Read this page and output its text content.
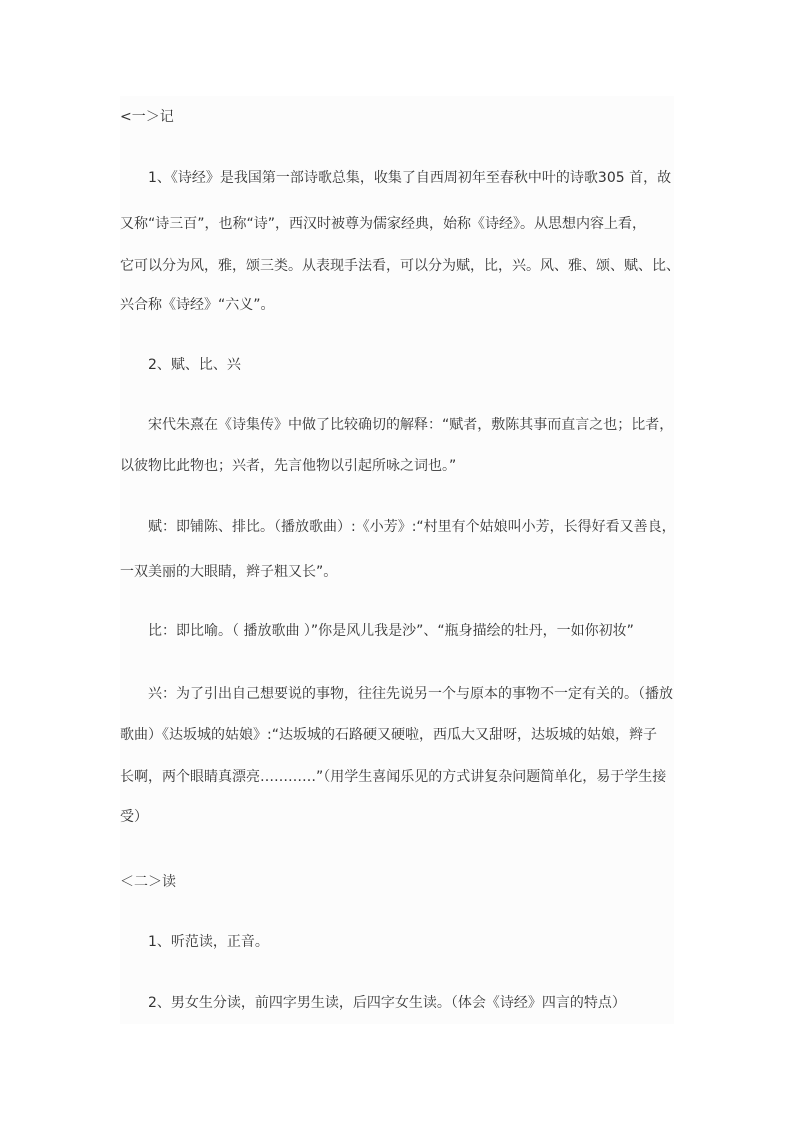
<一＞记
1、《诗经》是我国第一部诗歌总集，收集了自西周初年至春秋中叶的诗歌305 首，故
又称“诗三百”，也称“诗”，西汉时被尊为儒家经典，始称《诗经》。从思想内容上看，
它可以分为风，雅，颂三类。从表现手法看，可以分为赋，比，兴。风、雅、颂、赋、比、
兴合称《诗经》“六义”。
2、赋、比、兴
宋代朱熹在《诗集传》中做了比较确切的解释：“赋者，敷陈其事而直言之也；比者，
以彼物比此物也；兴者，先言他物以引起所咏之词也。”
赋：即铺陈、排比。（播放歌曲）:《小芳》:“村里有个姑娘叫小芳，长得好看又善良，
一双美丽的大眼睛，辫子粗又长”。
比：即比喻。（ 播放歌曲 ）”你是风儿我是沙”、“瓶身描绘的牡丹，一如你初妆”
兴：为了引出自己想要说的事物，往往先说另一个与原本的事物不一定有关的。（播放
歌曲）《达坂城的姑娘》:“达坂城的石路硬又硬啦，西瓜大又甜呀，达坂城的姑娘，辫子
长啊，两个眼睛真漂亮…………”（用学生喜闻乐见的方式讲复杂问题简单化，易于学生接
受）
＜二＞读
1、听范读，正音。
2、男女生分读，前四字男生读，后四字女生读。（体会《诗经》四言的特点）
